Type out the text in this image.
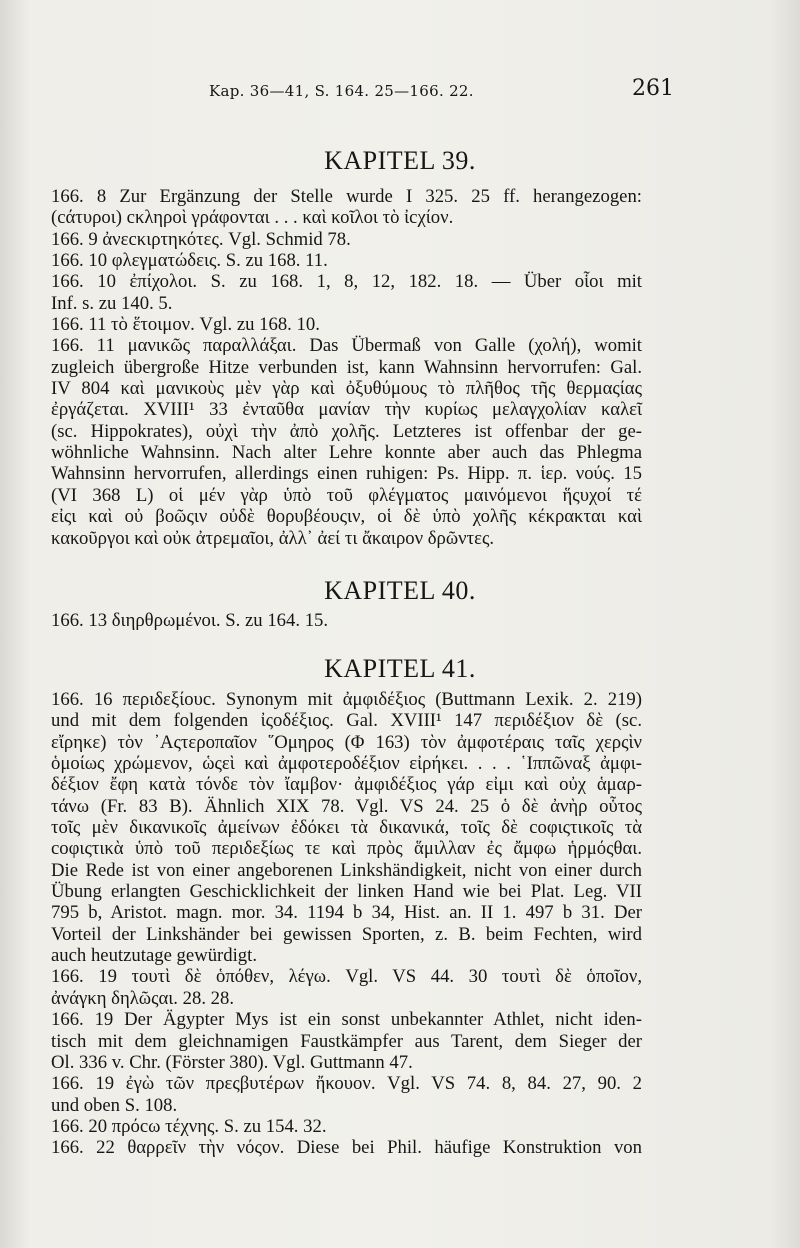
Kap. 36—41, S. 164. 25—166. 22.	261
KAPITEL 39.
166. 8 Zur Ergänzung der Stelle wurde I 325. 25 ff. herangezogen:
(cάτυροι) cκληροὶ γράφονται . . . καὶ κοῖλοι τὸ ἰcχίον.
166. 9 ἀνεcκιρτηκότες. Vgl. Schmid 78.
166. 10 φλεγματώδεις. S. zu 168. 11.
166. 10 ἐπίχολοι. S. zu 168. 1, 8, 12, 182. 18. — Über οἷοι mit
Inf. s. zu 140. 5.
166. 11 τὸ ἕτοιμον. Vgl. zu 168. 10.
166. 11 μανικῶς παραλλάξαι. Das Übermaß von Galle (χολή), womit
zugleich übergroße Hitze verbunden ist, kann Wahnsinn hervorrufen: Gal.
IV 804 καὶ μανικοὺς μὲν γὰρ καὶ ὀξυθύμους τὸ πλῆθος τῆς θερμαςίας
ἐργάζεται. XVIII¹ 33 ἐνταῦθα μανίαν τὴν κυρίως μελαγχολίαν καλεῖ
(sc. Hippokrates), οὐχὶ τὴν ἀπὸ χολῆς. Letzteres ist offenbar der ge-
wöhnliche Wahnsinn. Nach alter Lehre konnte aber auch das Phlegma
Wahnsinn hervorrufen, allerdings einen ruhigen: Ps. Hipp. π. ἱερ. νούς. 15
(VI 368 L) οἱ μέν γὰρ ὑπὸ τοῦ φλέγματος μαινόμενοι ἥςυχοί τέ
εἰςι καὶ οὐ βοῶςιν οὐδὲ θορυβέουςιν, οἱ δὲ ὑπὸ χολῆς κέκρακται καὶ
κακοῦργοι καὶ οὐκ ἀτρεμαῖοι, ἀλλ᾽ ἀεί τι ἄκαιρον δρῶντες.
KAPITEL 40.
166. 13 διηρθρωμένοι. S. zu 164. 15.
KAPITEL 41.
166. 16 περιδεξίουc. Synonym mit ἀμφιδέξιος (Buttmann Lexik. 2. 219)
und mit dem folgenden ἰςοδέξιος. Gal. XVIII¹ 147 περιδέξιον δὲ (sc.
εἴρηκε) τὸν ᾿Αςτεροπαῖον ῞Ομηρος (Φ 163) τὸν ἀμφοτέραις ταῖς χερςὶν
ὁμοίως χρώμενον, ὡςεὶ καὶ ἀμφοτεροδέξιον εἰρήκει. . . . ῾Ιππῶναξ ἀμφι-
δέξιον ἔφη κατὰ τόνδε τὸν ἴαμβον· ἀμφιδέξιος γάρ εἰμι καὶ οὐχ ἁμαρ-
τάνω (Fr. 83 B). Ähnlich XIX 78. Vgl. VS 24. 25 ὁ δὲ ἀνὴρ οὗτος
τοῖς μὲν δικανικοῖς ἀμείνων ἐδόκει τὰ δικανικά, τοῖς δὲ cοφιςτικοῖς τὰ
cοφιςτικὰ ὑπὸ τοῦ περιδεξίως τε καὶ πρὸς ἅμιλλαν ἐς ἄμφω ἡρμόςθαι.
Die Rede ist von einer angeborenen Linkshändigkeit, nicht von einer durch
Übung erlangten Geschicklichkeit der linken Hand wie bei Plat. Leg. VII
795 b, Aristot. magn. mor. 34. 1194 b 34, Hist. an. II 1. 497 b 31. Der
Vorteil der Linkshänder bei gewissen Sporten, z. B. beim Fechten, wird
auch heutzutage gewürdigt.
166. 19 τουτὶ δὲ ὁπόθεν, λέγω. Vgl. VS 44. 30 τουτὶ δὲ ὁποῖον,
ἀνάγκη δηλῶςαι. 28. 28.
166. 19 Der Ägypter Mys ist ein sonst unbekannter Athlet, nicht iden-
tisch mit dem gleichnamigen Faustkämpfer aus Tarent, dem Sieger der
Ol. 336 v. Chr. (Förster 380). Vgl. Guttmann 47.
166. 19 ἐγὼ τῶν πρεςβυτέρων ἤκουον. Vgl. VS 74. 8, 84. 27, 90. 2
und oben S. 108.
166. 20 πρόcω τέχνης. S. zu 154. 32.
166. 22 θαρρεῖν τὴν νόςον. Diese bei Phil. häufige Konstruktion von
